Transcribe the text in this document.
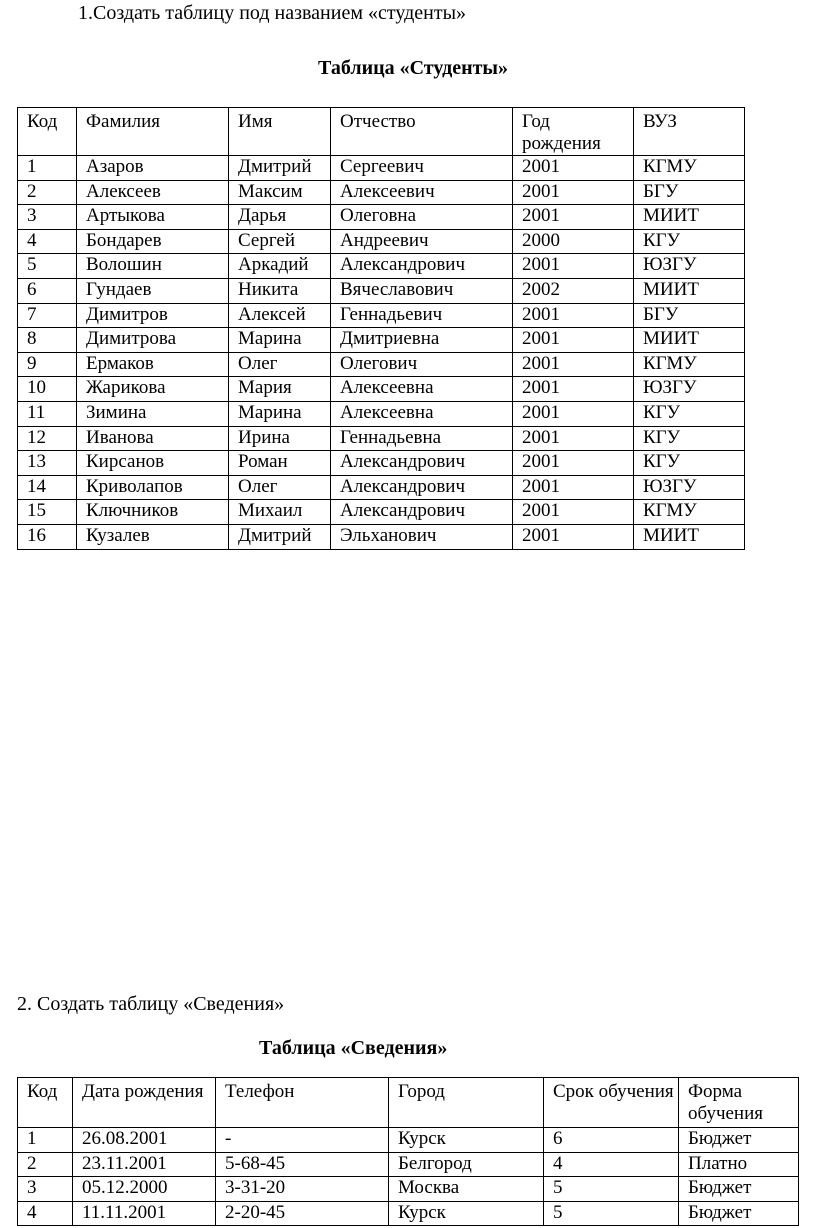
1.Создать таблицу под названием «студенты»
Таблица «Студенты»
Код	Фамилия	Имя	Отчество	Год рождения	ВУЗ
1	Азаров	Дмитрий	Сергеевич	2001	КГМУ
2	Алексеев	Максим	Алексеевич	2001	БГУ
3	Артыкова	Дарья	Олеговна	2001	МИИТ
4	Бондарев	Сергей	Андреевич	2000	КГУ
5	Волошин	Аркадий	Александрович	2001	ЮЗГУ
6	Гундаев	Никита	Вячеславович	2002	МИИТ
7	Димитров	Алексей	Геннадьевич	2001	БГУ
8	Димитрова	Марина	Дмитриевна	2001	МИИТ
9	Ермаков	Олег	Олегович	2001	КГМУ
10	Жарикова	Мария	Алексеевна	2001	ЮЗГУ
11	Зимина	Марина	Алексеевна	2001	КГУ
12	Иванова	Ирина	Геннадьевна	2001	КГУ
13	Кирсанов	Роман	Александрович	2001	КГУ
14	Криволапов	Олег	Александрович	2001	ЮЗГУ
15	Ключников	Михаил	Александрович	2001	КГМУ
16	Кузалев	Дмитрий	Эльханович	2001	МИИТ
2. Создать таблицу «Сведения»
Таблица «Сведения»
Код	Дата рождения	Телефон	Город	Срок обучения	Форма обучения
1	26.08.2001	-	Курск	6	Бюджет
2	23.11.2001	5-68-45	Белгород	4	Платно
3	05.12.2000	3-31-20	Москва	5	Бюджет
4	11.11.2001	2-20-45	Курск	5	Бюджет
